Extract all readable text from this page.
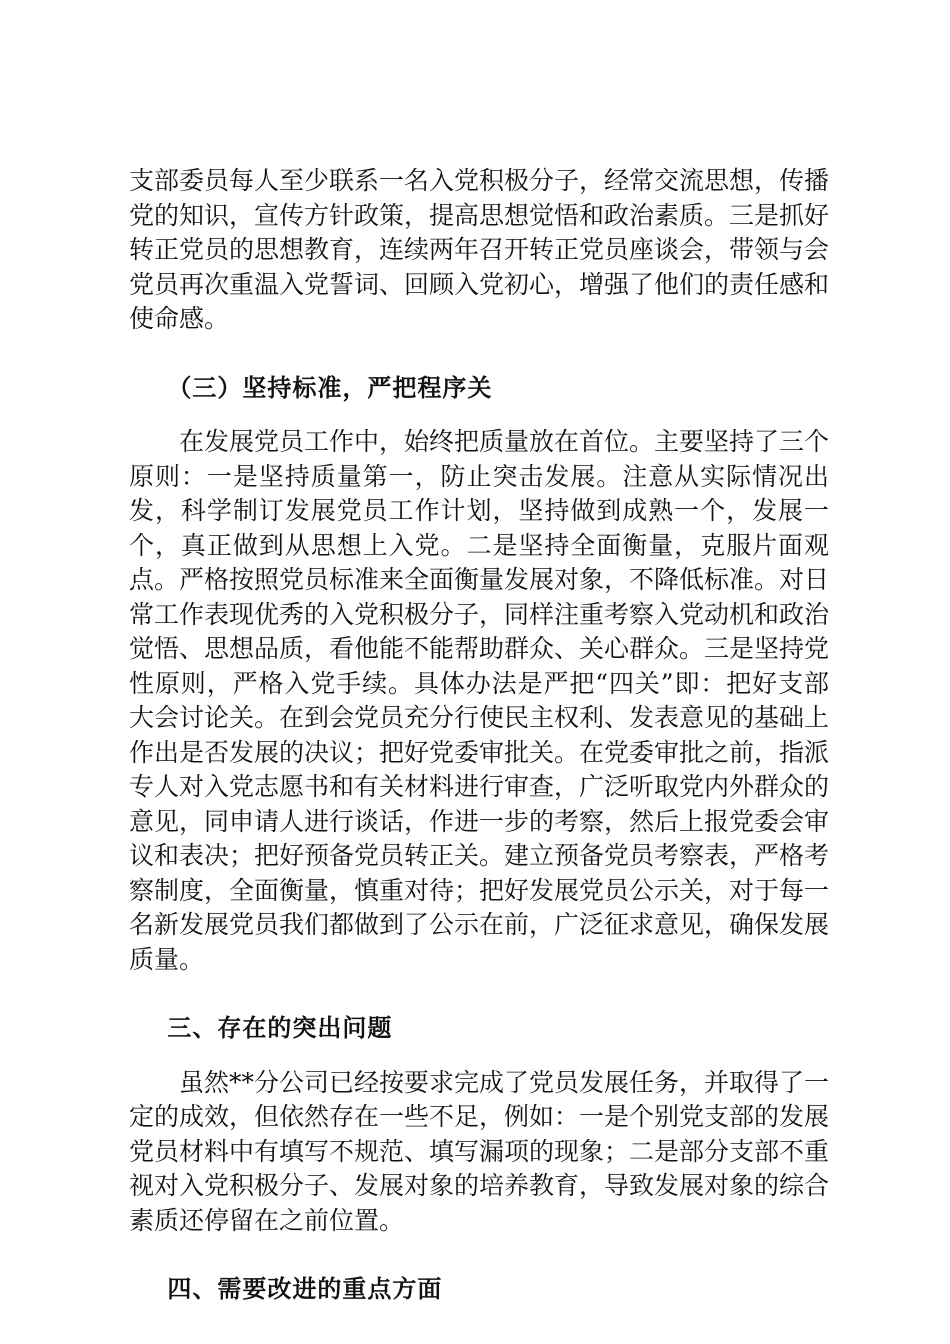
支部委员每人至少联系一名入党积极分子，经常交流思想，传播党的知识，宣传方针政策，提高思想觉悟和政治素质。三是抓好转正党员的思想教育，连续两年召开转正党员座谈会，带领与会党员再次重温入党誓词、回顾入党初心，增强了他们的责任感和使命感。

（三）坚持标准，严把程序关

在发展党员工作中，始终把质量放在首位。主要坚持了三个原则：一是坚持质量第一，防止突击发展。注意从实际情况出发，科学制订发展党员工作计划，坚持做到成熟一个，发展一个，真正做到从思想上入党。二是坚持全面衡量，克服片面观点。严格按照党员标准来全面衡量发展对象，不降低标准。对日常工作表现优秀的入党积极分子，同样注重考察入党动机和政治觉悟、思想品质，看他能不能帮助群众、关心群众。三是坚持党性原则，严格入党手续。具体办法是严把“四关”即：把好支部大会讨论关。在到会党员充分行使民主权利、发表意见的基础上作出是否发展的决议；把好党委审批关。在党委审批之前，指派专人对入党志愿书和有关材料进行审查，广泛听取党内外群众的意见，同申请人进行谈话，作进一步的考察，然后上报党委会审议和表决；把好预备党员转正关。建立预备党员考察表，严格考察制度，全面衡量，慎重对待；把好发展党员公示关，对于每一名新发展党员我们都做到了公示在前，广泛征求意见，确保发展质量。

三、存在的突出问题

虽然**分公司已经按要求完成了党员发展任务，并取得了一定的成效，但依然存在一些不足，例如：一是个别党支部的发展党员材料中有填写不规范、填写漏项的现象；二是部分支部不重视对入党积极分子、发展对象的培养教育，导致发展对象的综合素质还停留在之前位置。

四、需要改进的重点方面
